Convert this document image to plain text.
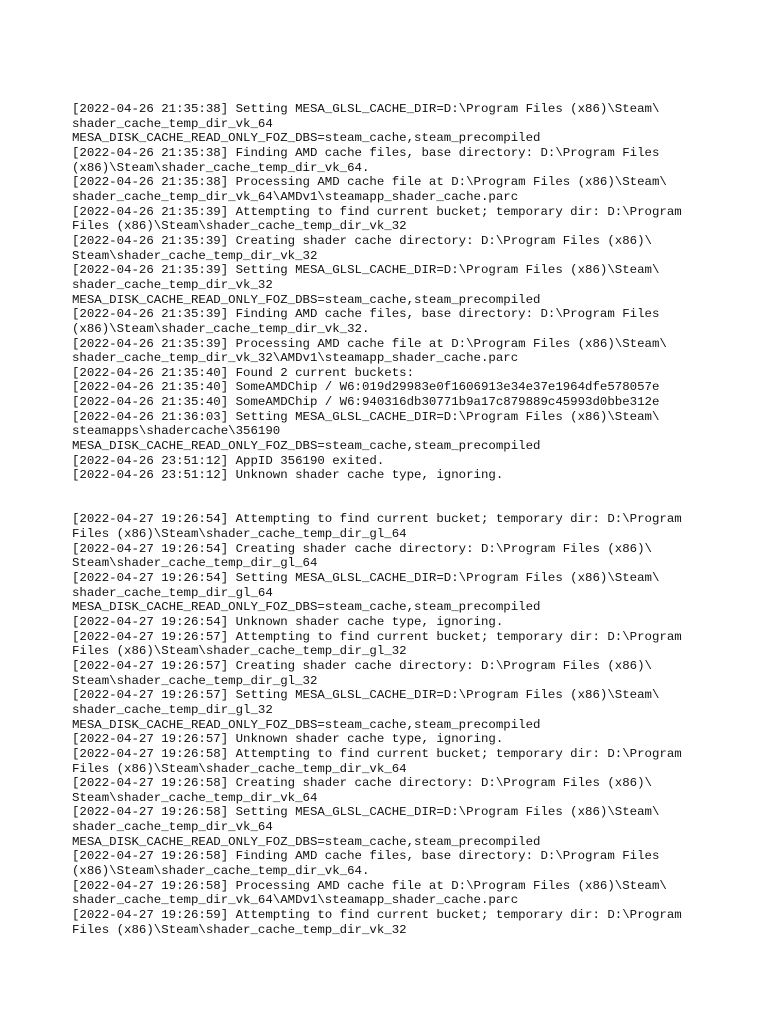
[2022-04-26 21:35:38] Setting MESA_GLSL_CACHE_DIR=D:\Program Files (x86)\Steam\
shader_cache_temp_dir_vk_64
MESA_DISK_CACHE_READ_ONLY_FOZ_DBS=steam_cache,steam_precompiled
[2022-04-26 21:35:38] Finding AMD cache files, base directory: D:\Program Files
(x86)\Steam\shader_cache_temp_dir_vk_64.
[2022-04-26 21:35:38] Processing AMD cache file at D:\Program Files (x86)\Steam\
shader_cache_temp_dir_vk_64\AMDv1\steamapp_shader_cache.parc
[2022-04-26 21:35:39] Attempting to find current bucket; temporary dir: D:\Program
Files (x86)\Steam\shader_cache_temp_dir_vk_32
[2022-04-26 21:35:39] Creating shader cache directory: D:\Program Files (x86)\
Steam\shader_cache_temp_dir_vk_32
[2022-04-26 21:35:39] Setting MESA_GLSL_CACHE_DIR=D:\Program Files (x86)\Steam\
shader_cache_temp_dir_vk_32
MESA_DISK_CACHE_READ_ONLY_FOZ_DBS=steam_cache,steam_precompiled
[2022-04-26 21:35:39] Finding AMD cache files, base directory: D:\Program Files
(x86)\Steam\shader_cache_temp_dir_vk_32.
[2022-04-26 21:35:39] Processing AMD cache file at D:\Program Files (x86)\Steam\
shader_cache_temp_dir_vk_32\AMDv1\steamapp_shader_cache.parc
[2022-04-26 21:35:40] Found 2 current buckets:
[2022-04-26 21:35:40] SomeAMDChip / W6:019d29983e0f1606913e34e37e1964dfe578057e
[2022-04-26 21:35:40] SomeAMDChip / W6:940316db30771b9a17c879889c45993d0bbe312e
[2022-04-26 21:36:03] Setting MESA_GLSL_CACHE_DIR=D:\Program Files (x86)\Steam\
steamapps\shadercache\356190
MESA_DISK_CACHE_READ_ONLY_FOZ_DBS=steam_cache,steam_precompiled
[2022-04-26 23:51:12] AppID 356190 exited.
[2022-04-26 23:51:12] Unknown shader cache type, ignoring.
[2022-04-27 19:26:54] Attempting to find current bucket; temporary dir: D:\Program
Files (x86)\Steam\shader_cache_temp_dir_gl_64
[2022-04-27 19:26:54] Creating shader cache directory: D:\Program Files (x86)\
Steam\shader_cache_temp_dir_gl_64
[2022-04-27 19:26:54] Setting MESA_GLSL_CACHE_DIR=D:\Program Files (x86)\Steam\
shader_cache_temp_dir_gl_64
MESA_DISK_CACHE_READ_ONLY_FOZ_DBS=steam_cache,steam_precompiled
[2022-04-27 19:26:54] Unknown shader cache type, ignoring.
[2022-04-27 19:26:57] Attempting to find current bucket; temporary dir: D:\Program
Files (x86)\Steam\shader_cache_temp_dir_gl_32
[2022-04-27 19:26:57] Creating shader cache directory: D:\Program Files (x86)\
Steam\shader_cache_temp_dir_gl_32
[2022-04-27 19:26:57] Setting MESA_GLSL_CACHE_DIR=D:\Program Files (x86)\Steam\
shader_cache_temp_dir_gl_32
MESA_DISK_CACHE_READ_ONLY_FOZ_DBS=steam_cache,steam_precompiled
[2022-04-27 19:26:57] Unknown shader cache type, ignoring.
[2022-04-27 19:26:58] Attempting to find current bucket; temporary dir: D:\Program
Files (x86)\Steam\shader_cache_temp_dir_vk_64
[2022-04-27 19:26:58] Creating shader cache directory: D:\Program Files (x86)\
Steam\shader_cache_temp_dir_vk_64
[2022-04-27 19:26:58] Setting MESA_GLSL_CACHE_DIR=D:\Program Files (x86)\Steam\
shader_cache_temp_dir_vk_64
MESA_DISK_CACHE_READ_ONLY_FOZ_DBS=steam_cache,steam_precompiled
[2022-04-27 19:26:58] Finding AMD cache files, base directory: D:\Program Files
(x86)\Steam\shader_cache_temp_dir_vk_64.
[2022-04-27 19:26:58] Processing AMD cache file at D:\Program Files (x86)\Steam\
shader_cache_temp_dir_vk_64\AMDv1\steamapp_shader_cache.parc
[2022-04-27 19:26:59] Attempting to find current bucket; temporary dir: D:\Program
Files (x86)\Steam\shader_cache_temp_dir_vk_32
